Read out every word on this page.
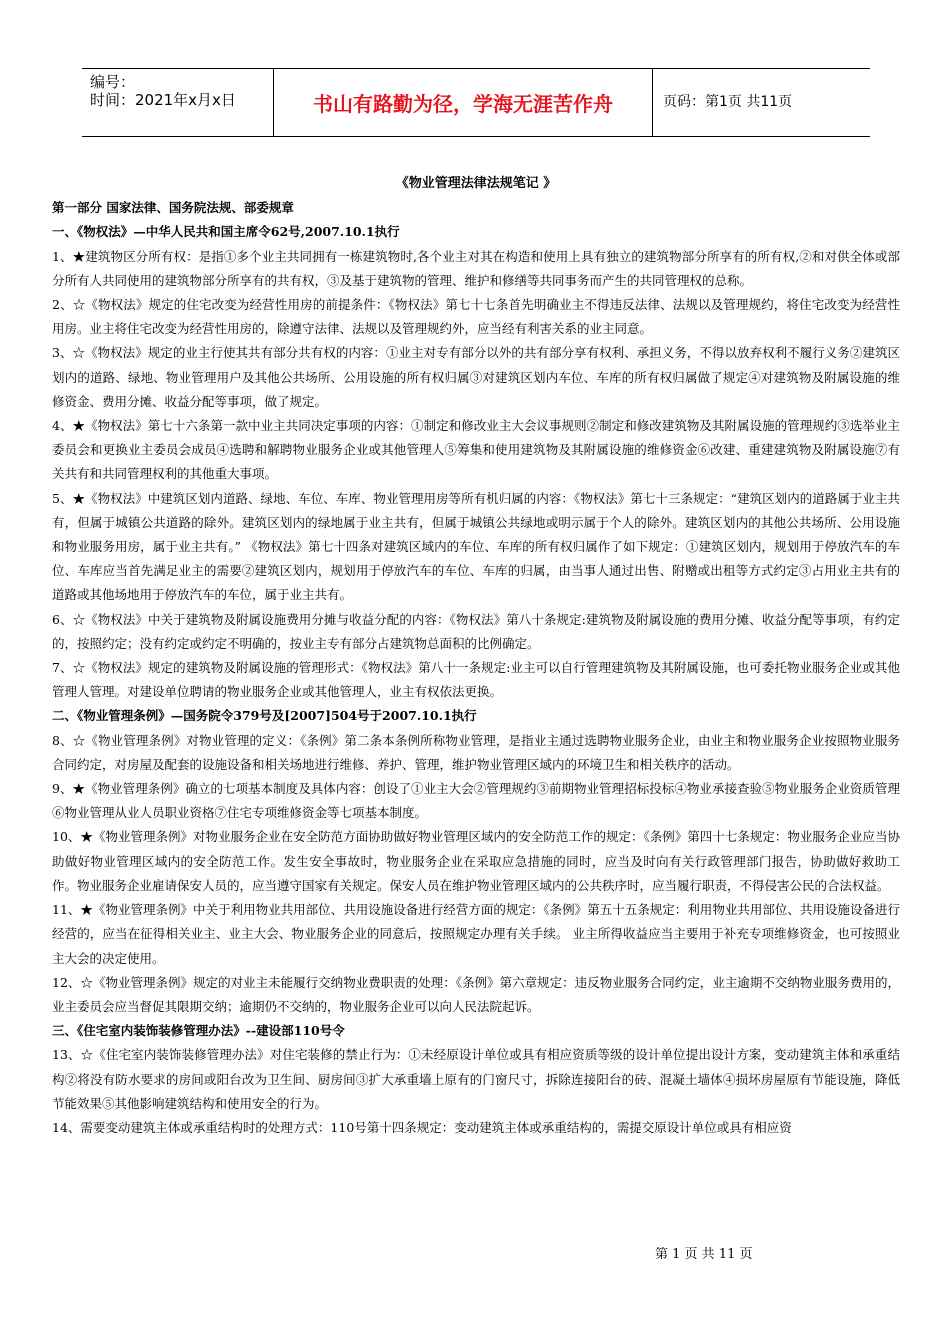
编号：
时间：2021年x月x日	书山有路勤为径，学海无涯苦作舟	页码：第1页 共11页

《物业管理法律法规笔记 》

第一部分 国家法律、国务院法规、部委规章

一、《物权法》—中华人民共和国主席令62号,2007.10.1执行

1、★建筑物区分所有权：是指①多个业主共同拥有一栋建筑物时,各个业主对其在构造和使用上具有独立的建筑物部分所享有的所有权,②和对供全体或部分所有人共同使用的建筑物部分所享有的共有权，③及基于建筑物的管理、维护和修缮等共同事务而产生的共同管理权的总称。

2、☆《物权法》规定的住宅改变为经营性用房的前提条件：《物权法》第七十七条首先明确业主不得违反法律、法规以及管理规约，将住宅改变为经营性用房。业主将住宅改变为经营性用房的，除遵守法律、法规以及管理规约外，应当经有利害关系的业主同意。

3、☆《物权法》规定的业主行使其共有部分共有权的内容：①业主对专有部分以外的共有部分享有权利、承担义务，不得以放弃权利不履行义务②建筑区划内的道路、绿地、物业管理用户及其他公共场所、公用设施的所有权归属③对建筑区划内车位、车库的所有权归属做了规定④对建筑物及附属设施的维修资金、费用分摊、收益分配等事项，做了规定。

4、★《物权法》第七十六条第一款中业主共同决定事项的内容：①制定和修改业主大会议事规则②制定和修改建筑物及其附属设施的管理规约③选举业主委员会和更换业主委员会成员④选聘和解聘物业服务企业或其他管理人⑤筹集和使用建筑物及其附属设施的维修资金⑥改建、重建建筑物及附属设施⑦有关共有和共同管理权利的其他重大事项。

5、★《物权法》中建筑区划内道路、绿地、车位、车库、物业管理用房等所有机归属的内容：《物权法》第七十三条规定：“建筑区划内的道路属于业主共有，但属于城镇公共道路的除外。建筑区划内的绿地属于业主共有，但属于城镇公共绿地或明示属于个人的除外。建筑区划内的其他公共场所、公用设施和物业服务用房，属于业主共有。” 《物权法》第七十四条对建筑区域内的车位、车库的所有权归属作了如下规定：①建筑区划内，规划用于停放汽车的车位、车库应当首先满足业主的需要②建筑区划内，规划用于停放汽车的车位、车库的归属，由当事人通过出售、附赠或出租等方式约定③占用业主共有的道路或其他场地用于停放汽车的车位，属于业主共有。

6、☆《物权法》中关于建筑物及附属设施费用分摊与收益分配的内容：《物权法》第八十条规定:建筑物及附属设施的费用分摊、收益分配等事项，有约定的，按照约定；没有约定或约定不明确的，按业主专有部分占建筑物总面积的比例确定。

7、☆《物权法》规定的建筑物及附属设施的管理形式：《物权法》第八十一条规定:业主可以自行管理建筑物及其附属设施，也可委托物业服务企业或其他管理人管理。对建设单位聘请的物业服务企业或其他管理人，业主有权依法更换。

二、《物业管理条例》—国务院令379号及[2007]504号于2007.10.1执行

8、☆《物业管理条例》对物业管理的定义：《条例》第二条本条例所称物业管理，是指业主通过选聘物业服务企业，由业主和物业服务企业按照物业服务合同约定，对房屋及配套的设施设备和相关场地进行维修、养护、管理，维护物业管理区域内的环境卫生和相关秩序的活动。

9、★《物业管理条例》确立的七项基本制度及具体内容：创设了①业主大会②管理规约③前期物业管理招标投标④物业承接查验⑤物业服务企业资质管理⑥物业管理从业人员职业资格⑦住宅专项维修资金等七项基本制度。

10、★《物业管理条例》对物业服务企业在安全防范方面协助做好物业管理区域内的安全防范工作的规定：《条例》第四十七条规定：物业服务企业应当协助做好物业管理区域内的安全防范工作。发生安全事故时，物业服务企业在采取应急措施的同时，应当及时向有关行政管理部门报告，协助做好救助工作。物业服务企业雇请保安人员的，应当遵守国家有关规定。保安人员在维护物业管理区域内的公共秩序时，应当履行职责，不得侵害公民的合法权益。

11、★《物业管理条例》中关于利用物业共用部位、共用设施设备进行经营方面的规定：《条例》第五十五条规定：利用物业共用部位、共用设施设备进行经营的，应当在征得相关业主、业主大会、物业服务企业的同意后，按照规定办理有关手续。 业主所得收益应当主要用于补充专项维修资金，也可按照业主大会的决定使用。

12、☆《物业管理条例》规定的对业主未能履行交纳物业费职责的处理：《条例》第六章规定：违反物业服务合同约定，业主逾期不交纳物业服务费用的，业主委员会应当督促其限期交纳；逾期仍不交纳的，物业服务企业可以向人民法院起诉。

三、《住宅室内装饰装修管理办法》--建设部110号令

13、☆《住宅室内装饰装修管理办法》对住宅装修的禁止行为：①未经原设计单位或具有相应资质等级的设计单位提出设计方案，变动建筑主体和承重结构②将没有防水要求的房间或阳台改为卫生间、厨房间③扩大承重墙上原有的门窗尺寸，拆除连接阳台的砖、混凝土墙体④损坏房屋原有节能设施，降低节能效果⑤其他影响建筑结构和使用安全的行为。

14、需要变动建筑主体或承重结构时的处理方式：110号第十四条规定：变动建筑主体或承重结构的，需提交原设计单位或具有相应资

第 1 页 共 11 页
